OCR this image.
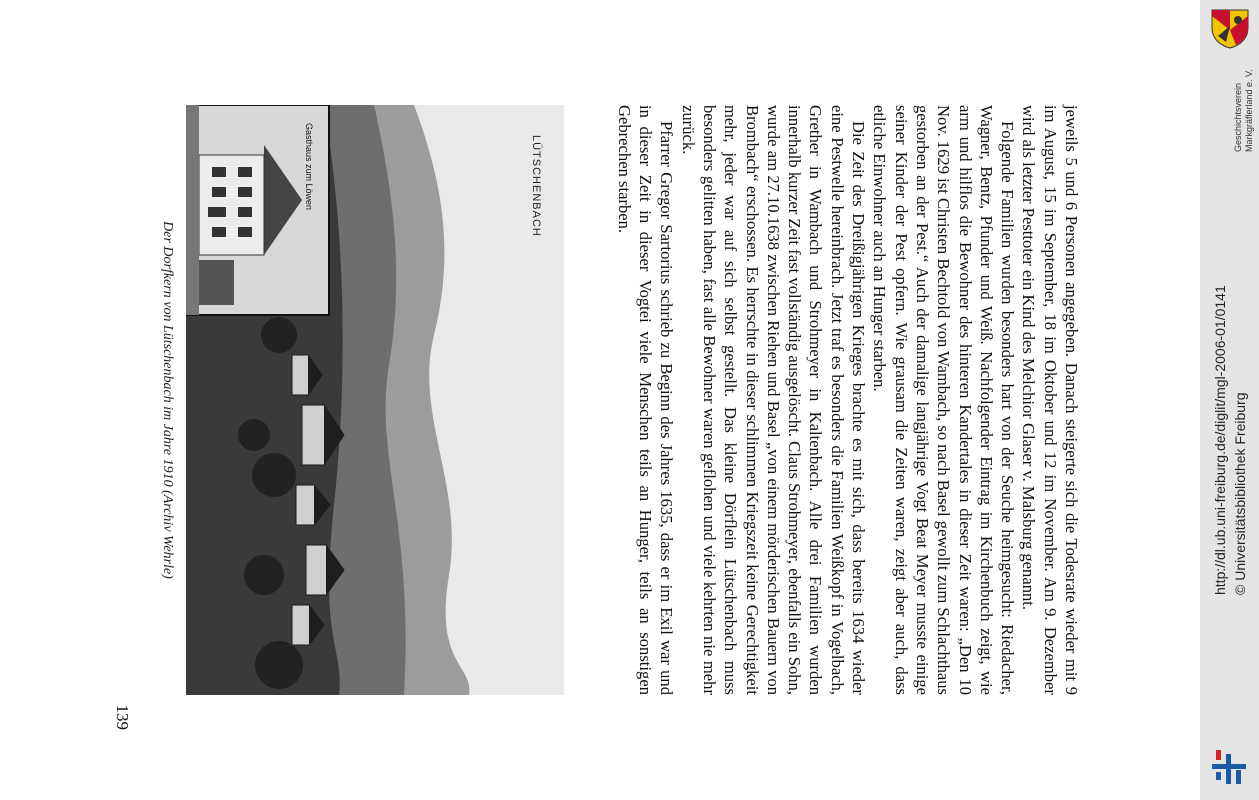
jeweils 5 und 6 Personen angegeben. Danach steigerte sich die Todesrate wieder mit 9 im August, 15 im September, 18 im Oktober und 12 im November. Am 9. Dezember wird als letzter Pesttoter ein Kind des Melchior Glaser v. Malsburg genannt.

Folgende Familien wurden besonders hart von der Seuche heimgesucht: Riedacher, Wagner, Bentz, Pfunder und Weiß. Nachfolgender Eintrag im Kirchenbuch zeigt, wie arm und hilflos die Bewohner des hinteren Kandertales in dieser Zeit waren: „Den 10 Nov. 1629 ist Christen Bechtold von Wambach, so nach Basel gewollt zum Schlachthaus gestorben an der Pest.“ Auch der damalige langjährige Vogt Beat Meyer musste einige seiner Kinder der Pest opfern. Wie grausam die Zeiten waren, zeigt aber auch, dass etliche Einwohner auch an Hunger starben.

Die Zeit des Dreißigjährigen Krieges brachte es mit sich, dass bereits 1634 wieder eine Pestwelle hereinbrach. Jetzt traf es besonders die Familien Weißkopf in Vogelbach, Grether in Wambach und Strohmeyer in Kaltenbach. Alle drei Familien wurden innerhalb kurzer Zeit fast vollständig ausgelöscht. Claus Strohmeyer, ebenfalls ein Sohn, wurde am 27.10.1638 zwischen Riehen und Basel „von einem mörderischen Bauern von Brombach“ erschossen. Es herrschte in dieser schlimmen Kriegszeit keine Gerechtigkeit mehr, jeder war auf sich selbst gestellt. Das kleine Dörflein Lütschenbach muss besonders gelitten haben, fast alle Bewohner waren geflohen und viele kehrten nie mehr zurück.

Pfarrer Gregor Sartorius schrieb zu Beginn des Jahres 1635, dass er im Exil war und in dieser Zeit in dieser Vogtei viele Menschen teils an Hunger, teils an sonstigen Gebrechen starben.

LÜTSCHENBACH
Gasthaus zum Löwen
Der Dorfkern von Lütschenbach im Jahre 1910 (Archiv Wehrle)
139
http://dl.ub.uni-freiburg.de/diglit/mgl-2006-01/0141 © Universitätsbibliothek Freiburg
Geschichtsverein Markgräflerland e. V.
